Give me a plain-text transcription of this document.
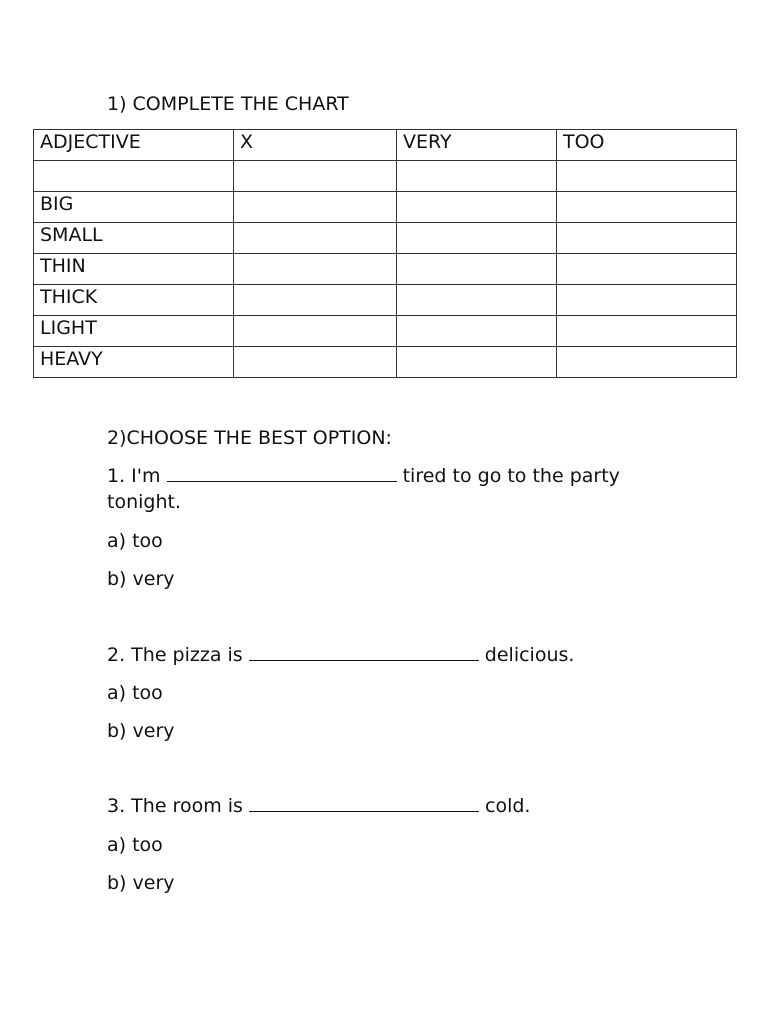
1) COMPLETE THE CHART
ADJECTIVE	X	VERY	TOO

BIG			
SMALL			
THIN			
THICK			
LIGHT			
HEAVY			
2)CHOOSE THE BEST OPTION:
1. I'm	tired to go to the party tonight.
a) too
b) very
2. The pizza is	delicious.
a) too
b) very
3. The room is	cold.
a) too
b) very
